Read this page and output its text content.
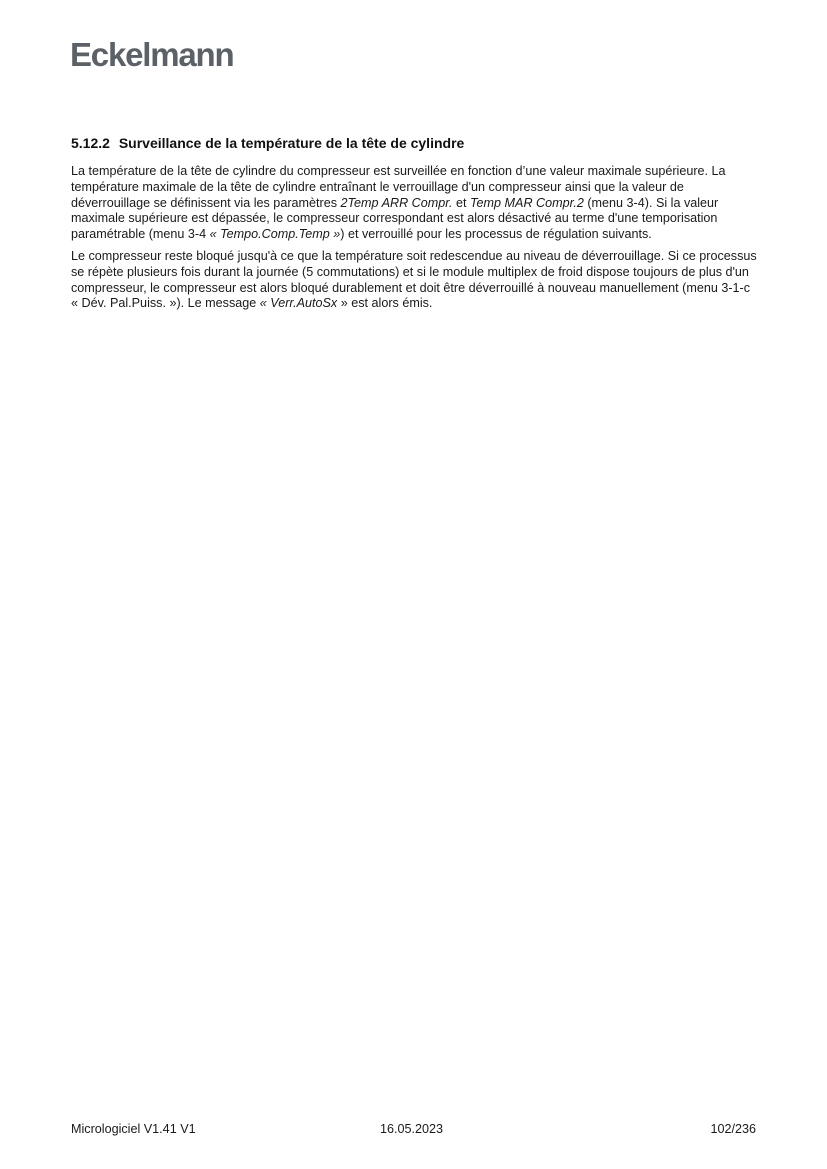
Eckelmann
5.12.2 Surveillance de la température de la tête de cylindre

La température de la tête de cylindre du compresseur est surveillée en fonction d’une valeur maximale supérieure. La température maximale de la tête de cylindre entraînant le verrouillage d'un compresseur ainsi que la valeur de déverrouillage se définissent via les paramètres 2Temp ARR Compr. et Temp MAR Compr.2 (menu 3-4). Si la valeur maximale supérieure est dépassée, le compresseur correspondant est alors désactivé au terme d'une temporisation paramétrable (menu 3-4 « Tempo.Comp.Temp ») et verrouillé pour les processus de régulation suivants.

Le compresseur reste bloqué jusqu'à ce que la température soit redescendue au niveau de déverrouillage. Si ce processus se répète plusieurs fois durant la journée (5 commutations) et si le module multiplex de froid dispose toujours de plus d'un compresseur, le compresseur est alors bloqué durablement et doit être déverrouillé à nouveau manuellement (menu 3-1-c « Dév. Pal.Puiss. »). Le message « Verr.AutoSx » est alors émis.

Micrologiciel V1.41 V1	16.05.2023	102/236
